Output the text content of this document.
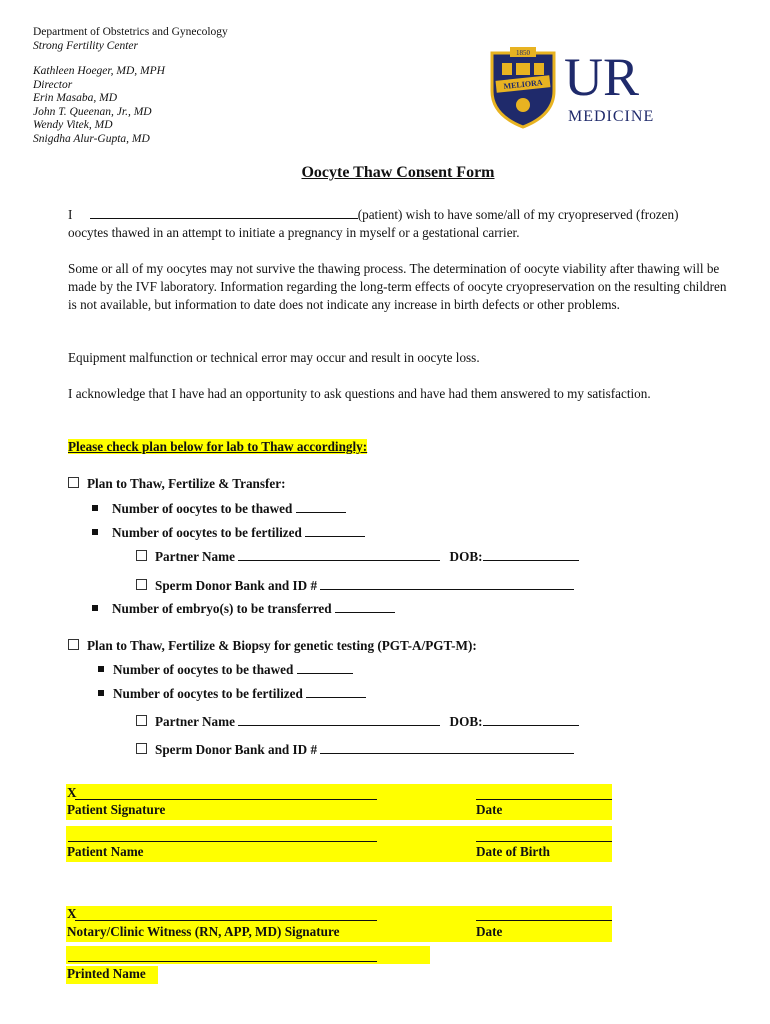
Department of Obstetrics and Gynecology
Strong Fertility Center
Kathleen Hoeger, MD, MPH
Director
Erin Masaba, MD
John T. Queenan, Jr., MD
Wendy Vitek, MD
Snigdha Alur-Gupta, MD
1850
MELIORA UR
MEDICINE
Oocyte Thaw Consent Form
I	(patient) wish to have some/all of my cryopreserved (frozen)
oocytes thawed in an attempt to initiate a pregnancy in myself or a gestational carrier.
Some or all of my oocytes may not survive the thawing process. The determination of oocyte viability after thawing will be made by the IVF laboratory. Information regarding the long-term effects of oocyte cryopreservation on the resulting children is not available, but information to date does not indicate any increase in birth defects or other problems.
Equipment malfunction or technical error may occur and result in oocyte loss.
I acknowledge that I have had an opportunity to ask questions and have had them answered to my satisfaction.
Please check plan below for lab to Thaw accordingly:
Plan to Thaw, Fertilize & Transfer:
Number of oocytes to be thawed
Number of oocytes to be fertilized
Partner Name	DOB:
Sperm Donor Bank and ID #
Number of embryo(s) to be transferred
Plan to Thaw, Fertilize & Biopsy for genetic testing (PGT-A/PGT-M):
Number of oocytes to be thawed
Number of oocytes to be fertilized
Partner Name	DOB:
Sperm Donor Bank and ID #
X
Patient Signature	Date
Patient Name	Date of Birth
X
Notary/Clinic Witness (RN, APP, MD) Signature	Date
Printed Name
